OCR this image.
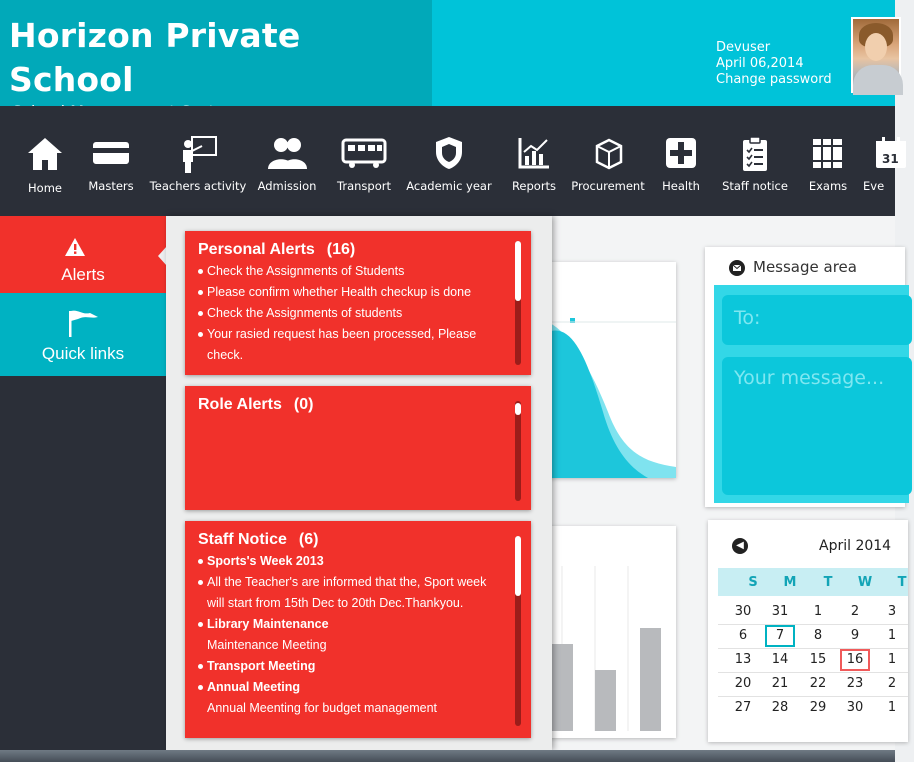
Horizon Private School
Devuser
April 06,2014
Change password
Home	Masters	Teachers activity Admission	Transport Academic year	Reports	Procurement	Health	Staff notice	Exams
31
Eve
Alerts
Quick links
Message area
To:
Your message...
◀	April 2014
S	M	T	W	T
30	31	1	2	3
6	7	8	9	1
13	14	15	16	1
20	21	22	23	2
27	28	29	30	1
Personal Alerts (16)
Check the Assignments of Students
Please confirm whether Health checkup is done
Check the Assignments of students
Your rasied request has been processed, Please check.
Role Alerts (0)
Staff Notice (6)
Sports's Week 2013
All the Teacher's are informed that the, Sport week will start from 15th Dec to 20th Dec.Thankyou.
Library Maintenance
Maintenance Meeting
Transport Meeting
Annual Meeting
Annual Meenting for budget management
